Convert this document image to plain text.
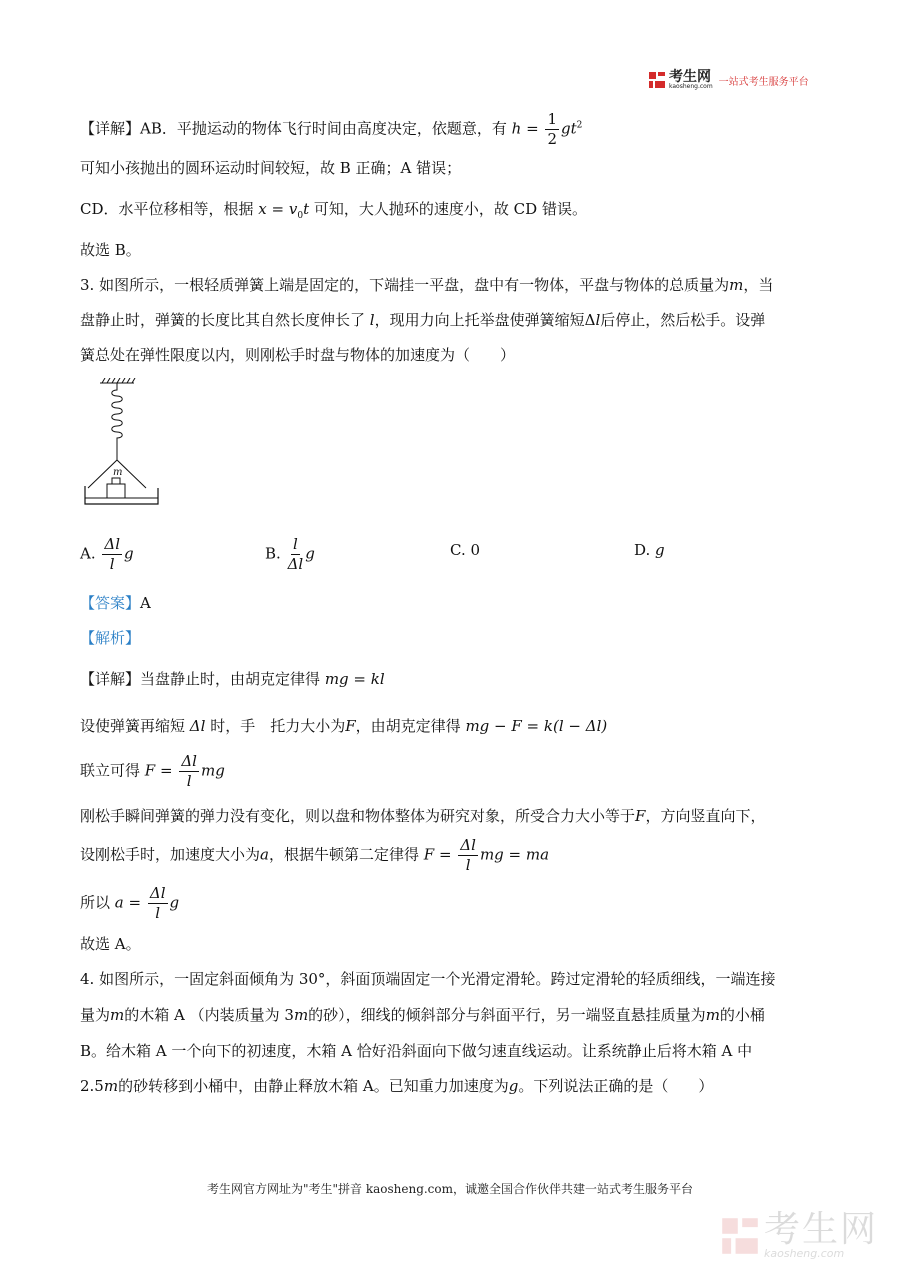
考生网
kaosheng.com 一站式考生服务平台
【详解】AB．平抛运动的物体飞行时间由高度决定，依题意，有 $h = \frac{1}{2} gt^2$
可知小孩抛出的圆环运动时间较短，故 B 正确；A 错误；
CD．水平位移相等，根据 $x = v_0t$ 可知，大人抛环的速度小，故 CD 错误。
故选 B。
3. 如图所示，一根轻质弹簧上端是固定的，下端挂一平盘，盘中有一物体，平盘与物体的总质量为m，当
盘静止时，弹簧的长度比其自然长度伸长了 l，现用力向上托举盘使弹簧缩短Δl后停止，然后松手。设弹
簧总处在弹性限度以内，则刚松手时盘与物体的加速度为（　　）
m
A. $\frac{\Delta l}{l}$ g	B. $\frac{l}{\Delta l}$ g	C. 0	D. g
【答案】A
【解析】
【详解】当盘静止时，由胡克定律得 mg = kl
设使弹簧再缩短 Δl 时，手　托力大小为F，由胡克定律得 mg − F = k(l − Δl)
联立可得 $F = \frac{\Delta l}{l}$ mg
刚松手瞬间弹簧的弹力没有变化，则以盘和物体整体为研究对象，所受合力大小等于F，方向竖直向下，
设刚松手时，加速度大小为a，根据牛顿第二定律得 $F = \frac{\Delta l}{l}$ mg = ma
所以 $a = \frac{\Delta l}{l}$ g
故选 A。
4. 如图所示，一固定斜面倾角为 30°，斜面顶端固定一个光滑定滑轮。跨过定滑轮的轻质细线，一端连接
量为m的木箱 A （内装质量为 3m的砂），细线的倾斜部分与斜面平行，另一端竖直悬挂质量为m的小桶
B。给木箱 A 一个向下的初速度，木箱 A 恰好沿斜面向下做匀速直线运动。让系统静止后将木箱 A 中
2.5m的砂转移到小桶中，由静止释放木箱 A。已知重力加速度为g。下列说法正确的是（　　）
考生网官方网址为"考生"拼音 kaosheng.com，诚邀全国合作伙伴共建一站式考生服务平台
考生网
kaosheng.com
